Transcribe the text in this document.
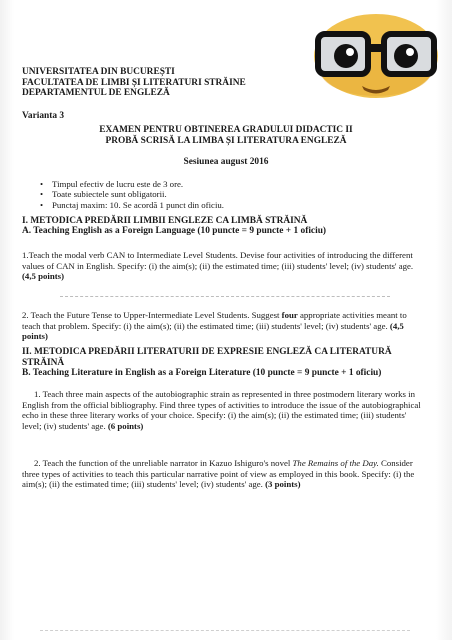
UNIVERSITATEA DIN BUCUREȘTI
FACULTATEA DE LIMBI ȘI LITERATURI STRĂINE
DEPARTAMENTUL DE ENGLEZĂ
Varianta 3
EXAMEN PENTRU OBTINEREA GRADULUI DIDACTIC II
PROBĂ SCRISĂ LA LIMBA ȘI LITERATURA ENGLEZĂ
Sesiunea august 2016
• Timpul efectiv de lucru este de 3 ore.
• Toate subiectele sunt obligatorii.
• Punctaj maxim: 10. Se acordă 1 punct din oficiu.
I. METODICA PREDĂRII LIMBII ENGLEZE CA LIMBĂ STRĂINĂ
A. Teaching English as a Foreign Language (10 puncte = 9 puncte + 1 oficiu)
1.Teach the modal verb CAN to Intermediate Level Students. Devise four activities of introducing the different values of CAN in English. Specify: (i) the aim(s); (ii) the estimated time; (iii) students' level; (iv) students' age. (4,5 points)
2. Teach the Future Tense to Upper-Intermediate Level Students. Suggest four appropriate activities meant to teach that problem. Specify: (i) the aim(s); (ii) the estimated time; (iii) students' level; (iv) students' age. (4,5 points)
II. METODICA PREDĂRII LITERATURII DE EXPRESIE ENGLEZĂ CA LITERATURĂ STRĂINĂ
B. Teaching Literature in English as a Foreign Literature (10 puncte = 9 puncte + 1 oficiu)
1. Teach three main aspects of the autobiographic strain as represented in three postmodern literary works in English from the official bibliography. Find three types of activities to introduce the issue of the autobiographical echo in these three literary works of your choice. Specify: (i) the aim(s); (ii) the estimated time; (iii) students' level; (iv) students' age. (6 points)
2. Teach the function of the unreliable narrator in Kazuo Ishiguro's novel The Remains of the Day. Consider three types of activities to teach this particular narrative point of view as employed in this book. Specify: (i) the aim(s); (ii) the estimated time; (iii) students' level; (iv) students' age. (3 points)
